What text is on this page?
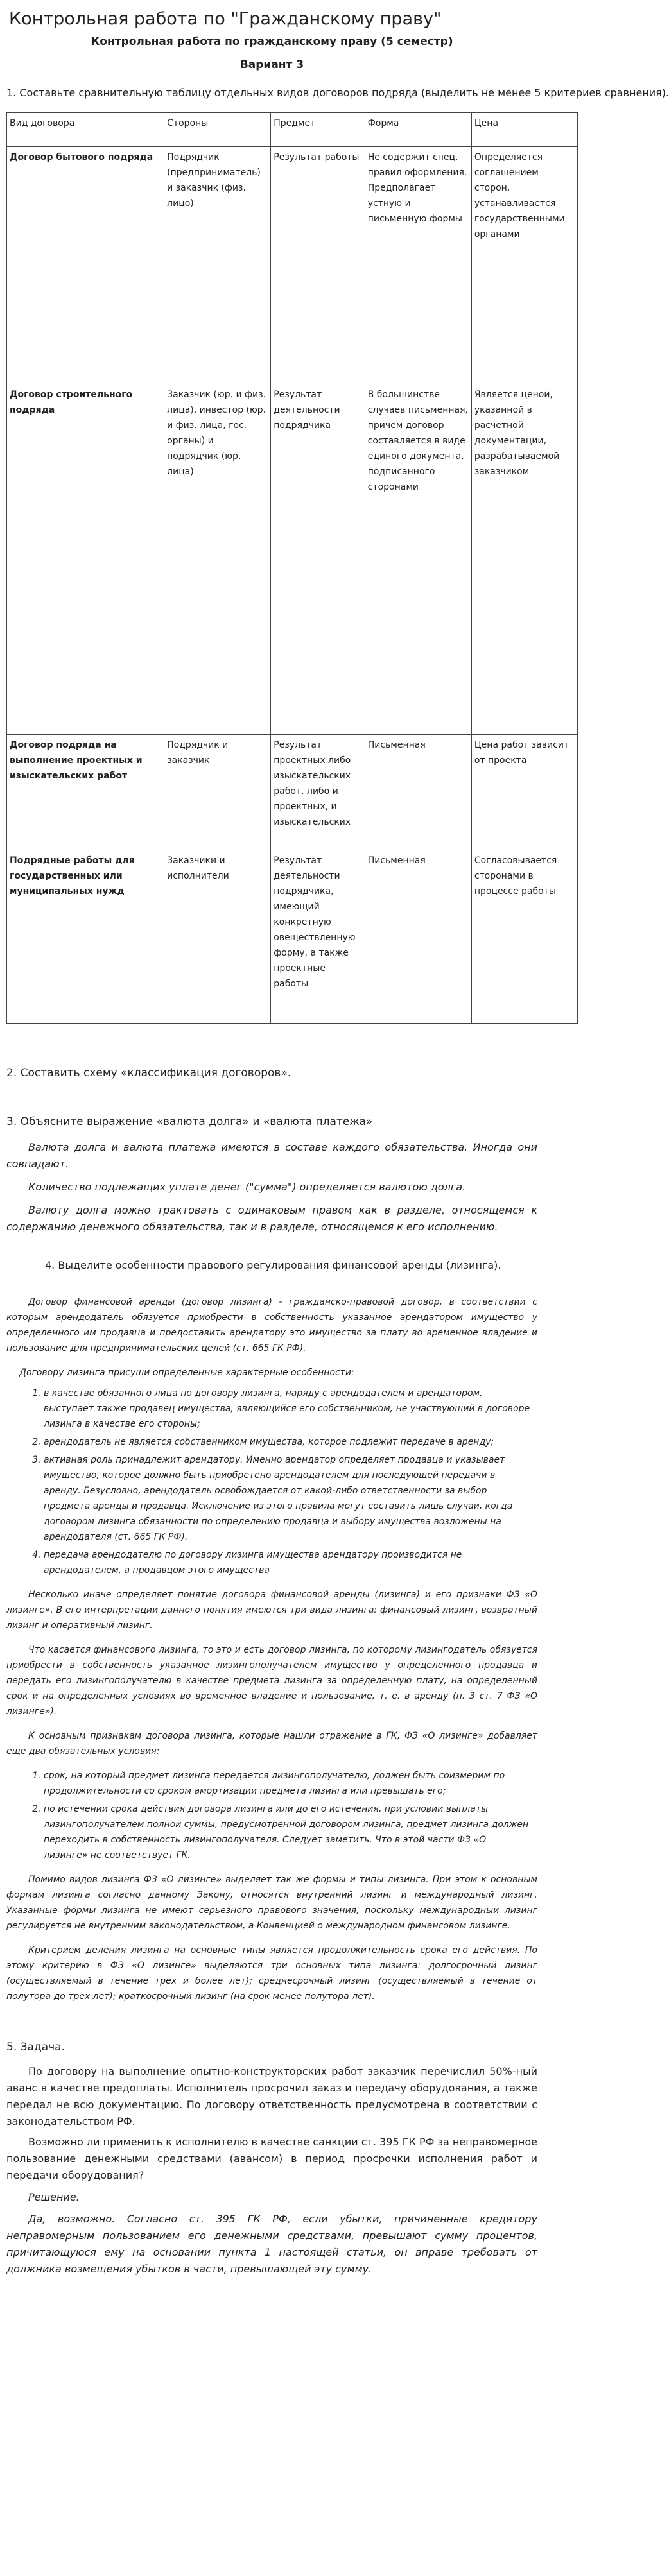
Контрольная работа по "Гражданскому праву"
Контрольная работа по гражданскому праву (5 семестр)
Вариант 3
1. Составьте сравнительную таблицу отдельных видов договоров подряда (выделить не менее 5 критериев сравнения).
Вид договора	Стороны	Предмет	Форма	Цена
Договор бытового подряда	Подрядчик (предприниматель) и заказчик (физ. лицо)	Результат работы	Не содержит спец. правил оформления. Предполагает устную и письменную формы	Определяется соглашением сторон, устанавливается государственными органами
Договор строительного подряда	Заказчик (юр. и физ. лица), инвестор (юр. и физ. лица, гос. органы) и подрядчик (юр. лица)	Результат деятельности подрядчика	В большинстве случаев письменная, причем договор составляется в виде единого документа, подписанного сторонами	Является ценой, указанной в расчетной документации, разрабатываемой заказчиком
Договор подряда на выполнение проектных и изыскательских работ	Подрядчик и заказчик	Результат проектных либо изыскательских работ, либо и проектных, и изыскательских	Письменная	Цена работ зависит от проекта
Подрядные работы для государственных или муниципальных нужд	Заказчики и исполнители	Результат деятельности подрядчика, имеющий конкретную овеществленную форму, а также проектные работы	Письменная	Согласовывается сторонами в процессе работы
2. Составить схему «классификация договоров».
3. Объясните выражение «валюта долга» и «валюта платежа»

Валюта долга и валюта платежа имеются в составе каждого обязательства. Иногда они совпадают.

Количество подлежащих уплате денег ("сумма") определяется валютою долга.

Валюту долга можно трактовать с одинаковым правом как в разделе, относящемся к содержанию денежного обязательства, так и в разделе, относящемся к его исполнению.

4. Выделите особенности правового регулирования финансовой аренды (лизинга).

Договор финансовой аренды (договор лизинга) - гражданско-правовой договор, в соответствии с которым арендодатель обязуется приобрести в собственность указанное арендатором имущество у определенного им продавца и предоставить арендатору это имущество за плату во временное владение и пользование для предпринимательских целей (ст. 665 ГК РФ).

Договору лизинга присущи определенные характерные особенности:

1. в качестве обязанного лица по договору лизинга, наряду с арендодателем и арендатором, выступает также продавец имущества, являющийся его собственником, не участвующий в договоре лизинга в качестве его стороны;
2. арендодатель не является собственником имущества, которое подлежит передаче в аренду;
3. активная роль принадлежит арендатору. Именно арендатор определяет продавца и указывает имущество, которое должно быть приобретено арендодателем для последующей передачи в аренду. Безусловно, арендодатель освобождается от какой-либо ответственности за выбор предмета аренды и продавца. Исключение из этого правила могут составить лишь случаи, когда договором лизинга обязанности по определению продавца и выбору имущества возложены на арендодателя (ст. 665 ГК РФ).
4. передача арендодателю по договору лизинга имущества арендатору производится не арендодателем, а продавцом этого имущества

Несколько иначе определяет понятие договора финансовой аренды (лизинга) и его признаки ФЗ «О лизинге». В его интерпретации данного понятия имеются три вида лизинга: финансовый лизинг, возвратный лизинг и оперативный лизинг.

Что касается финансового лизинга, то это и есть договор лизинга, по которому лизингодатель обязуется приобрести в собственность указанное лизингополучателем имущество у определенного продавца и передать его лизингополучателю в качестве предмета лизинга за определенную плату, на определенный срок и на определенных условиях во временное владение и пользование, т. е. в аренду (п. 3 ст. 7 ФЗ «О лизинге»).

К основным признакам договора лизинга, которые нашли отражение в ГК, ФЗ «О лизинге» добавляет еще два обязательных условия:

1. срок, на который предмет лизинга передается лизингополучателю, должен быть соизмерим по продолжительности со сроком амортизации предмета лизинга или превышать его;
2. по истечении срока действия договора лизинга или до его истечения, при условии выплаты лизингополучателем полной суммы, предусмотренной договором лизинга, предмет лизинга должен переходить в собственность лизингополучателя. Следует заметить. Что в этой части ФЗ «О лизинге» не соответствует ГК.

Помимо видов лизинга ФЗ «О лизинге» выделяет так же формы и типы лизинга. При этом к основным формам лизинга согласно данному Закону, относятся внутренний лизинг и международный лизинг. Указанные формы лизинга не имеют серьезного правового значения, поскольку международный лизинг регулируется не внутренним законодательством, а Конвенцией о международном финансовом лизинге.

Критерием деления лизинга на основные типы является продолжительность срока его действия. По этому критерию в ФЗ «О лизинге» выделяются три основных типа лизинга: долгосрочный лизинг (осуществляемый в течение трех и более лет); среднесрочный лизинг (осуществляемый в течение от полутора до трех лет); краткосрочный лизинг (на срок менее полутора лет).

5. Задача.

По договору на выполнение опытно-конструкторских работ заказчик перечислил 50%-ный аванс в качестве предоплаты. Исполнитель просрочил заказ и передачу оборудования, а также передал не всю документацию. По договору ответственность предусмотрена в соответствии с законодательством РФ.

Возможно ли применить к исполнителю в качестве санкции ст. 395 ГК РФ за неправомерное пользование денежными средствами (авансом) в период просрочки исполнения работ и передачи оборудования?

Решение.

Да, возможно. Согласно ст. 395 ГК РФ, если убытки, причиненные кредитору неправомерным пользованием его денежными средствами, превышают сумму процентов, причитающуюся ему на основании пункта 1 настоящей статьи, он вправе требовать от должника возмещения убытков в части, превышающей эту сумму.
